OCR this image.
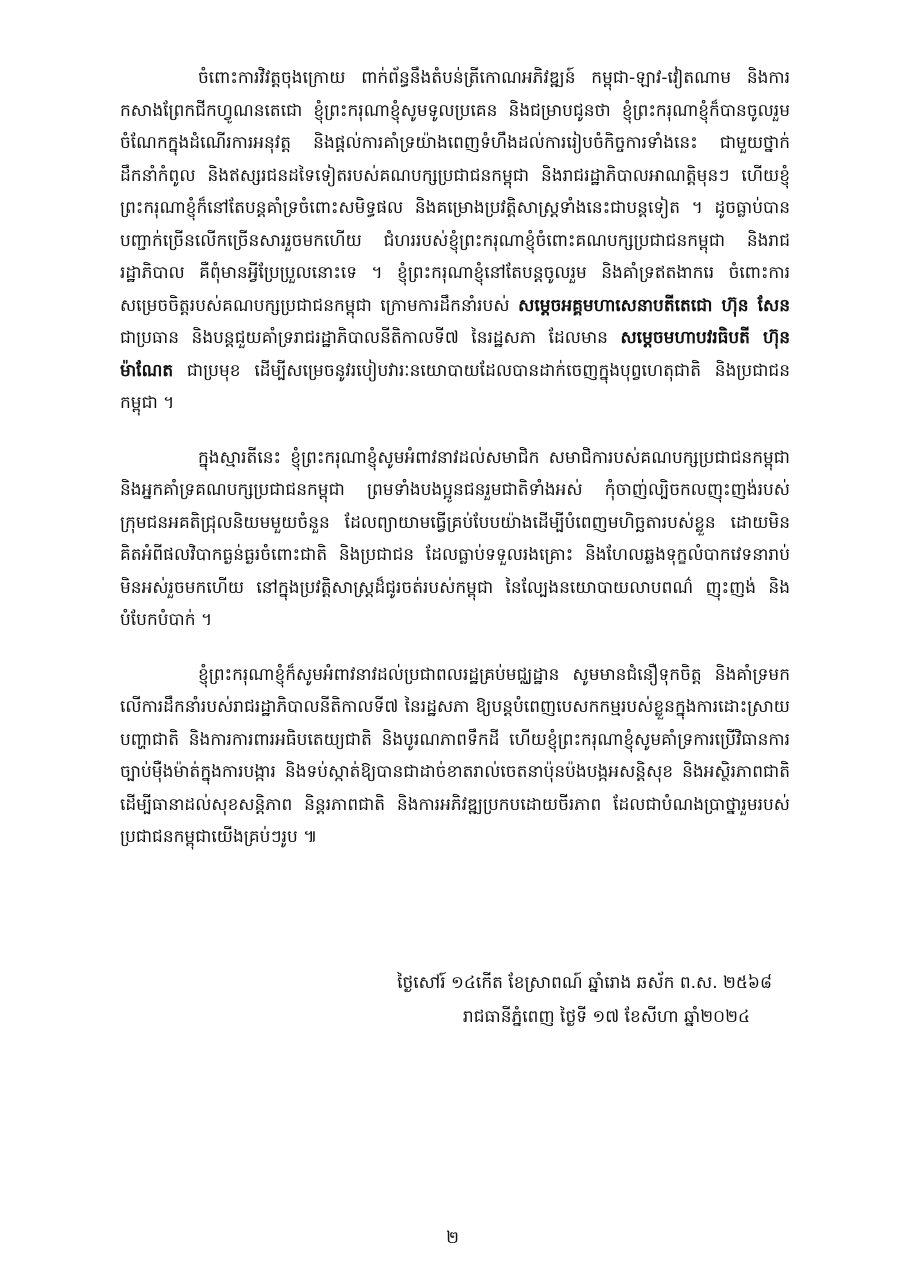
ចំពោះការវិវត្តចុងក្រោយ ពាក់ព័ន្ធនឹងតំបន់ត្រីកោណអភិវឌ្ឍន៍ កម្ពុជា-ឡាវ-វៀតណាម និងការកសាងព្រែកជីកហ្វូណនតេជោ ខ្ញុំព្រះករុណាខ្ញុំសូមទូលប្រគេន និងជម្រាបជូនថា ខ្ញុំព្រះករុណាខ្ញុំក៏បានចូលរួមចំណែកក្នុងដំណើរការអនុវត្ត និងផ្តល់ការគាំទ្រយ៉ាងពេញទំហឹងដល់ការរៀបចំកិច្ចការទាំងនេះ ជាមួយថ្នាក់ដឹកនាំកំពូល និងឥស្សរជនដទៃទៀតរបស់គណបក្សប្រជាជនកម្ពុជា និងរាជរដ្ឋាភិបាលអាណត្តិមុនៗ ហើយខ្ញុំព្រះករុណាខ្ញុំក៏នៅតែបន្តគាំទ្រចំពោះសមិទ្ធផល និងគម្រោងប្រវត្តិសាស្ត្រទាំងនេះជាបន្តទៀត ។ ដូចធ្លាប់បានបញ្ជាក់ច្រើនលើកច្រើនសាររួចមកហើយ ជំហររបស់ខ្ញុំព្រះករុណាខ្ញុំចំពោះគណបក្សប្រជាជនកម្ពុជា និងរាជរដ្ឋាភិបាល គឺពុំមានអ្វីប្រែប្រួលនោះទេ ។ ខ្ញុំព្រះករុណាខ្ញុំនៅតែបន្តចូលរួម និងគាំទ្រឥតងាករេ ចំពោះការសម្រេចចិត្តរបស់គណបក្សប្រជាជនកម្ពុជា ក្រោមការដឹកនាំរបស់ សម្តេចអគ្គមហាសេនាបតីតេជោ ហ៊ុន សែន ជាប្រធាន និងបន្តជួយគាំទ្ររាជរដ្ឋាភិបាលនីតិកាលទី៧ នៃរដ្ឋសភា ដែលមាន សម្តេចមហាបវរធិបតី ហ៊ុន ម៉ាណែត ជាប្រមុខ ដើម្បីសម្រេចនូវរបៀបវារៈនយោបាយដែលបានដាក់ចេញក្នុងបុព្វហេតុជាតិ និងប្រជាជនកម្ពុជា ។

ក្នុងស្មារតីនេះ ខ្ញុំព្រះករុណាខ្ញុំសូមអំពាវនាវដល់សមាជិក សមាជិការបស់គណបក្សប្រជាជនកម្ពុជា និងអ្នកគាំទ្រគណបក្សប្រជាជនកម្ពុជា ព្រមទាំងបងប្អូនជនរួមជាតិទាំងអស់ កុំចាញ់ល្បិចកលញុះញង់របស់ក្រុមជនអគតិជ្រុលនិយមមួយចំនួន ដែលព្យាយាមធ្វើគ្រប់បែបយ៉ាងដើម្បីបំពេញមហិច្ឆតារបស់ខ្លួន ដោយមិនគិតអំពីផលវិបាកធ្ងន់ធ្ងរចំពោះជាតិ និងប្រជាជន ដែលធ្លាប់ទទួលរងគ្រោះ និងហែលឆ្លងទុក្ខលំបាកវេទនារាប់មិនអស់រួចមកហើយ នៅក្នុងប្រវត្តិសាស្ត្រដ៏ជូរចត់របស់កម្ពុជា នៃល្បែងនយោបាយលាបពណ៌ ញុះញង់ និងបំបែកបំបាក់ ។

ខ្ញុំព្រះករុណាខ្ញុំក៏សូមអំពាវនាវដល់ប្រជាពលរដ្ឋគ្រប់មជ្ឈដ្ឋាន សូមមានជំនឿទុកចិត្ត និងគាំទ្រមកលើការដឹកនាំរបស់រាជរដ្ឋាភិបាលនីតិកាលទី៧ នៃរដ្ឋសភា ឱ្យបន្តបំពេញបេសកកម្មរបស់ខ្លួនក្នុងការដោះស្រាយបញ្ហាជាតិ និងការការពារអធិបតេយ្យជាតិ និងបូរណភាពទឹកដី ហើយខ្ញុំព្រះករុណាខ្ញុំសូមគាំទ្រការប្រើវិធានការច្បាប់ម៉ឺងម៉ាត់ក្នុងការបង្ការ និងទប់ស្កាត់ឱ្យបានជាដាច់ខាតរាល់ចេតនាប៉ុនប៉ងបង្កអសន្តិសុខ និងអស្ថិរភាពជាតិ ដើម្បីធានាដល់សុខសន្តិភាព និន្តរភាពជាតិ និងការអភិវឌ្ឍប្រកបដោយចីរភាព ដែលជាបំណងប្រាថ្នារួមរបស់ប្រជាជនកម្ពុជាយើងគ្រប់ៗរូប ៕

ថ្ងៃសៅរ៍ ១៤កើត ខែស្រាពណ៍ ឆ្នាំរោង ឆស័ក ព.ស. ២៥៦៨
រាជធានីភ្នំពេញ ថ្ងៃទី ១៧ ខែសីហា ឆ្នាំ២០២៤
២
